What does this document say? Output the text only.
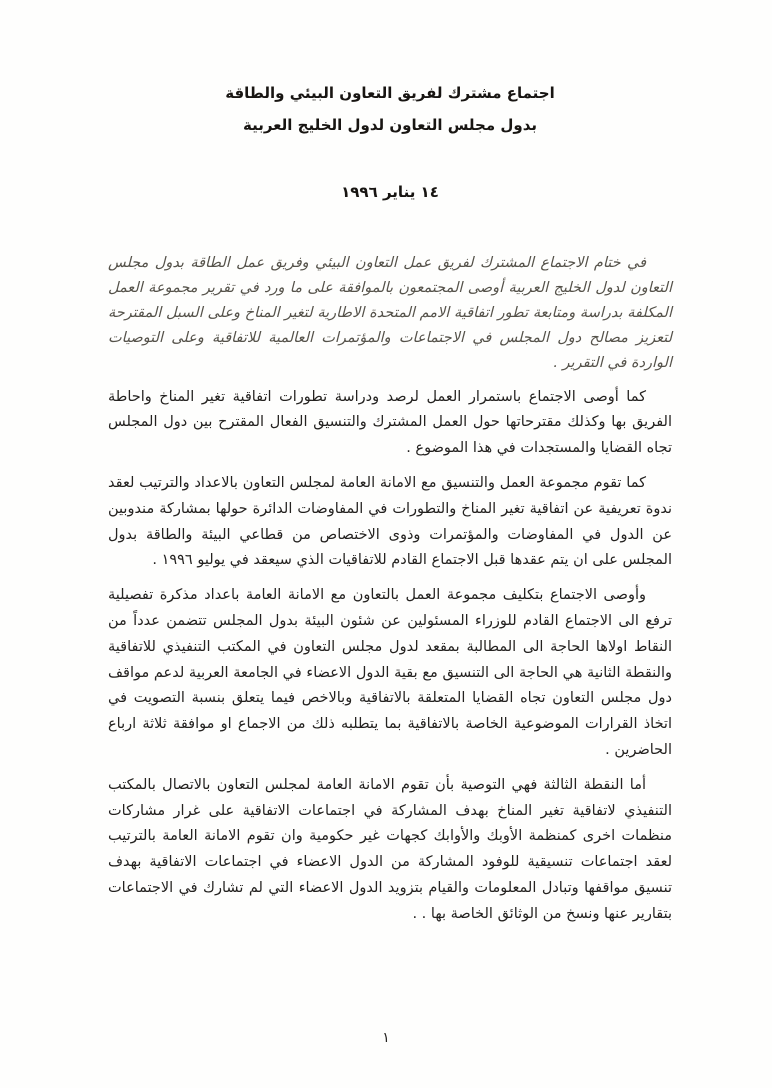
اجتماع مشترك لفريق التعاون البيئي والطاقة
بدول مجلس التعاون لدول الخليج العربية
١٤ يناير ١٩٩٦

في ختام الاجتماع المشترك لفريق عمل التعاون البيئي وفريق عمل الطاقة بدول مجلس التعاون لدول الخليج العربية أوصى المجتمعون بالموافقة على ما ورد في تقرير مجموعة العمل المكلفة بدراسة ومتابعة تطور اتفاقية الامم المتحدة الاطارية لتغير المناخ وعلى السبل المقترحة لتعزيز مصالح دول المجلس في الاجتماعات والمؤتمرات العالمية للاتفاقية وعلى التوصيات الواردة في التقرير .

كما أوصى الاجتماع باستمرار العمل لرصد ودراسة تطورات اتفاقية تغير المناخ واحاطة الفريق بها وكذلك مقترحاتها حول العمل المشترك والتنسيق الفعال المقترح بين دول المجلس تجاه القضايا والمستجدات في هذا الموضوع .

كما تقوم مجموعة العمل والتنسيق مع الامانة العامة لمجلس التعاون بالاعداد والترتيب لعقد ندوة تعريفية عن اتفاقية تغير المناخ والتطورات في المفاوضات الدائرة حولها بمشاركة مندوبين عن الدول في المفاوضات والمؤتمرات وذوى الاختصاص من قطاعي البيئة والطاقة بدول المجلس على ان يتم عقدها قبل الاجتماع القادم للاتفاقيات الذي سيعقد في يوليو ١٩٩٦ .

وأوصى الاجتماع بتكليف مجموعة العمل بالتعاون مع الامانة العامة باعداد مذكرة تفصيلية ترفع الى الاجتماع القادم للوزراء المسئولين عن شئون البيئة بدول المجلس تتضمن عدداً من النقاط اولاها الحاجة الى المطالبة بمقعد لدول مجلس التعاون في المكتب التنفيذي للاتفاقية والنقطة الثانية هي الحاجة الى التنسيق مع بقية الدول الاعضاء في الجامعة العربية لدعم مواقف دول مجلس التعاون تجاه القضايا المتعلقة بالاتفاقية وبالاخص فيما يتعلق بنسبة التصويت في اتخاذ القرارات الموضوعية الخاصة بالاتفاقية بما يتطلبه ذلك من الاجماع او موافقة ثلاثة ارباع الحاضرين .

أما النقطة الثالثة فهي التوصية بأن تقوم الامانة العامة لمجلس التعاون بالاتصال بالمكتب التنفيذي لاتفاقية تغير المناخ بهدف المشاركة في اجتماعات الاتفاقية على غرار مشاركات منظمات اخرى كمنظمة الأوبك والأوابك كجهات غير حكومية وان تقوم الامانة العامة بالترتيب لعقد اجتماعات تنسيقية للوفود المشاركة من الدول الاعضاء في اجتماعات الاتفاقية بهدف تنسيق مواقفها وتبادل المعلومات والقيام بتزويد الدول الاعضاء التي لم تشارك في الاجتماعات بتقارير عنها ونسخ من الوثائق الخاصة بها . .

١
